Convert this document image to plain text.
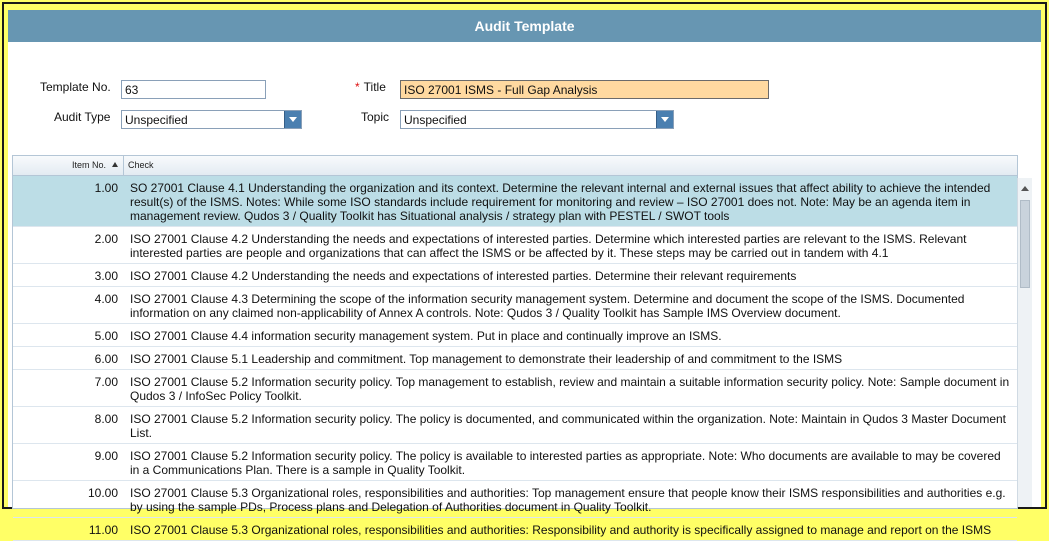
Audit Template
Template No.	63	* Title	ISO 27001 ISMS - Full Gap Analysis
Audit Type	Unspecified	Topic	Unspecified
Item No.	Check
1.00	SO 27001 Clause 4.1 Understanding the organization and its context. Determine the relevant internal and external issues that affect ability to achieve the intended result(s) of the ISMS. Notes: While some ISO standards include requirement for monitoring and review – ISO 27001 does not. Note: May be an agenda item in management review. Qudos 3 / Quality Toolkit has Situational analysis / strategy plan with PESTEL / SWOT tools
2.00	ISO 27001 Clause 4.2 Understanding the needs and expectations of interested parties. Determine which interested parties are relevant to the ISMS. Relevant interested parties are people and organizations that can affect the ISMS or be affected by it. These steps may be carried out in tandem with 4.1
3.00	ISO 27001 Clause 4.2 Understanding the needs and expectations of interested parties. Determine their relevant requirements
4.00	ISO 27001 Clause 4.3 Determining the scope of the information security management system. Determine and document the scope of the ISMS. Documented information on any claimed non-applicability of Annex A controls. Note: Qudos 3 / Quality Toolkit has Sample IMS Overview document.
5.00	ISO 27001 Clause 4.4 information security management system. Put in place and continually improve an ISMS.
6.00	ISO 27001 Clause 5.1 Leadership and commitment. Top management to demonstrate their leadership of and commitment to the ISMS
7.00	ISO 27001 Clause 5.2 Information security policy. Top management to establish, review and maintain a suitable information security policy. Note: Sample document in Qudos 3 / InfoSec Policy Toolkit.
8.00	ISO 27001 Clause 5.2 Information security policy. The policy is documented, and communicated within the organization. Note: Maintain in Qudos 3 Master Document List.
9.00	ISO 27001 Clause 5.2 Information security policy. The policy is available to interested parties as appropriate. Note: Who documents are available to may be covered in a Communications Plan. There is a sample in Quality Toolkit.
10.00	ISO 27001 Clause 5.3 Organizational roles, responsibilities and authorities: Top management ensure that people know their ISMS responsibilities and authorities e.g. by using the sample PDs, Process plans and Delegation of Authorities document in Quality Toolkit.
11.00	ISO 27001 Clause 5.3 Organizational roles, responsibilities and authorities: Responsibility and authority is specifically assigned to manage and report on the ISMS
